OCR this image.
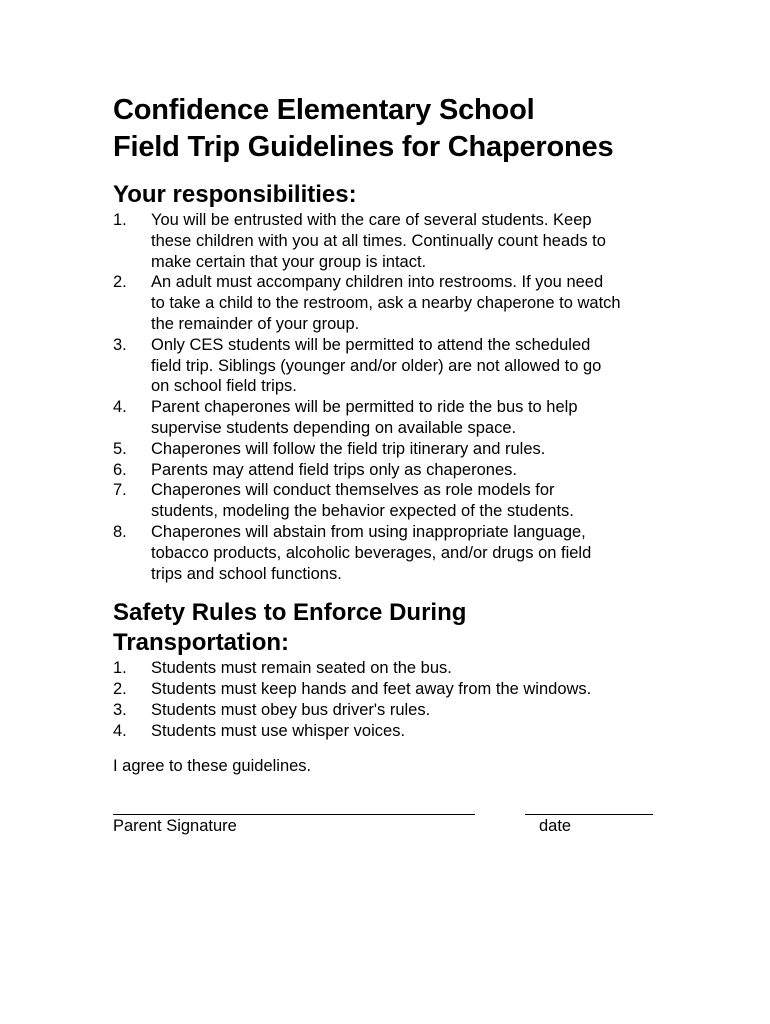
Confidence Elementary School
Field Trip Guidelines for Chaperones
Your responsibilities:
1. You will be entrusted with the care of several students. Keep
these children with you at all times. Continually count heads to
make certain that your group is intact.
2. An adult must accompany children into restrooms. If you need
to take a child to the restroom, ask a nearby chaperone to watch
the remainder of your group.
3. Only CES students will be permitted to attend the scheduled
field trip. Siblings (younger and/or older) are not allowed to go
on school field trips.
4. Parent chaperones will be permitted to ride the bus to help
supervise students depending on available space.
5. Chaperones will follow the field trip itinerary and rules.
6. Parents may attend field trips only as chaperones.
7. Chaperones will conduct themselves as role models for
students, modeling the behavior expected of the students.
8. Chaperones will abstain from using inappropriate language,
tobacco products, alcoholic beverages, and/or drugs on field
trips and school functions.
Safety Rules to Enforce During
Transportation:
1. Students must remain seated on the bus.
2. Students must keep hands and feet away from the windows.
3. Students must obey bus driver's rules.
4. Students must use whisper voices.

I agree to these guidelines.

Parent Signature	date
